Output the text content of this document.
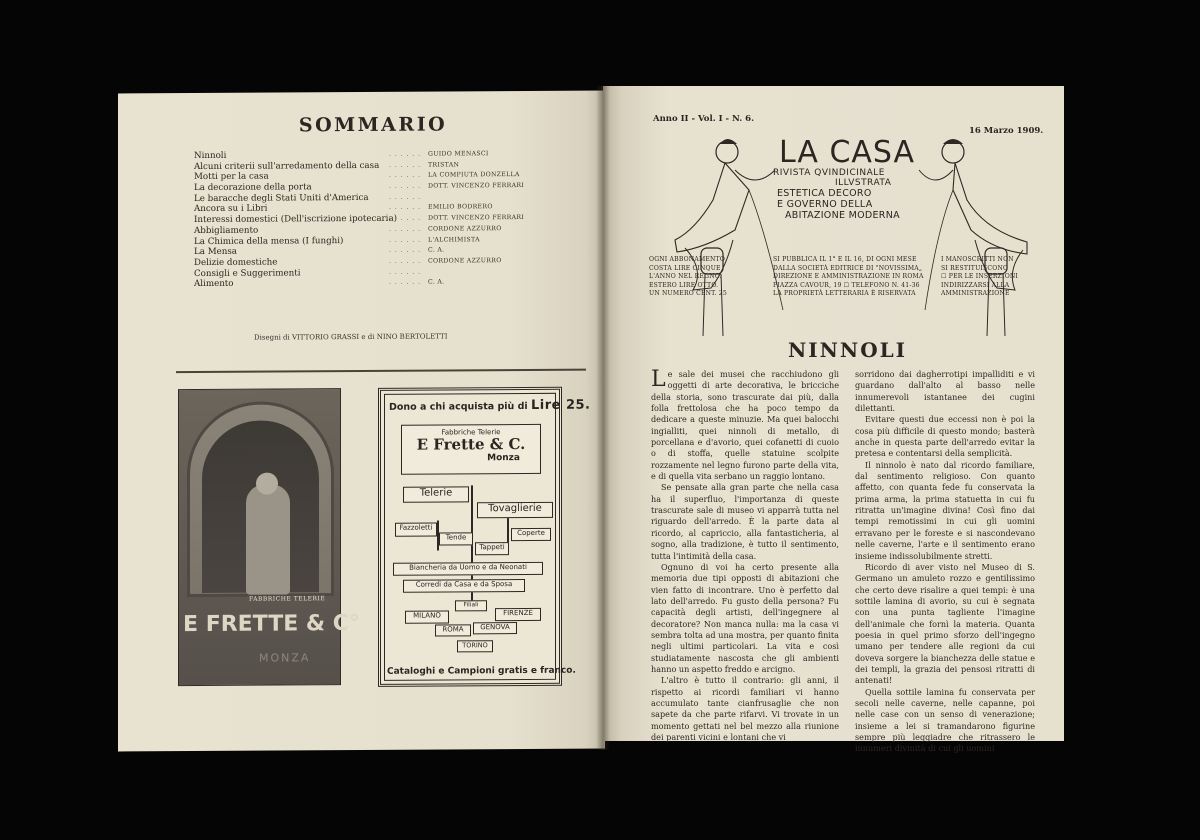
SOMMARIO
Ninnoli	. . . . . . GUIDO MENASCI
Alcuni criterii sull'arredamento della casa . . . . . . TRISTAN
Motti per la casa	. . . . . . LA COMPIUTA DONZELLA
La decorazione della porta	. . . . . . DOTT. VINCENZO FERRARI
Le baracche degli Stati Uniti d'America	. . . . . .
Ancora su i Libri	. . . . . . EMILIO BODRERO
Interessi domestici (Dell'iscrizione ipotecaria)
. . . . . . DOTT. VINCENZO FERRARI
Abbigliamento	. . . . . . CORDONE AZZURRO
La Chimica della mensa (I funghi)	. . . . . . L'ALCHIMISTA
La Mensa	. . . . . . C. A.
Delizie domestiche	. . . . . . CORDONE AZZURRO
Consigli e Suggerimenti	. . . . . .
Alimento	. . . . . . C. A.
Disegni di VITTORIO GRASSI e di NINO BERTOLETTI
FABBRICHE TELERIE
E FRETTE & C°
MONZA
Dono a chi acquista più di Lire 25.
Fabbriche Telerie
E Frette & C.
Monza
Telerie
Tovaglierie
Fazzoletti
Tende
Tappeti
Coperte
Biancheria da Uomo e da Neonati
Corredi da Casa e da Sposa
Filiali
MILANO	FIRENZE
ROMA	GENOVA
TORINO
Cataloghi e Campioni gratis e franco.
Anno II - Vol. I - N. 6.
16 Marzo 1909.
LA CASA
RIVISTA QVINDICINALE
ILLVSTRATA
ESTETICA DECORO
E GOVERNO DELLA
ABITAZIONE MODERNA
OGNI ABBONAMENTO
COSTA LIRE CINQUE
L'ANNO NEL REGNO.
ESTERO LIRE OTTO.
UN NUMERO CENT. 25
SI PUBBLICA IL 1° E IL 16, DI OGNI MESE
DALLA SOCIETÀ EDITRICE DI "NOVISSIMA„
DIREZIONE E AMMINISTRAZIONE IN ROMA
PIAZZA CAVOUR, 19 ☐ TELEFONO N. 41-36
LA PROPRIETÀ LETTERARIA È RISERVATA
I MANOSCRITTI NON
SI RESTITUISCONO
☐ PER LE INSERZIONI
INDIRIZZARSI ALLA
AMMINISTRAZIONE
NINNOLI

Le sale dei musei che racchiudono gli oggetti di arte decorativa, le bricciche della storia, sono trascurate dai più, dalla folla frettolosa che ha poco tempo da dedicare a queste minuzie. Ma quei balocchi ingialliti, quei ninnoli di metallo, di porcellana e d'avorio, quei cofanetti di cuoio o di stoffa, quelle statuine scolpite rozzamente nel legno furono parte della vita, e di quella vita serbano un raggio lontano.

Se pensate alla gran parte che nella casa ha il superfluo, l'importanza di queste trascurate sale di museo vi apparrà tutta nel riguardo dell'arredo. È la parte data al ricordo, al capriccio, alla fantasticheria, al sogno, alla tradizione, è tutto il sentimento, tutta l'intimità della casa.

Ognuno di voi ha certo presente alla memoria due tipi opposti di abitazioni che vien fatto di incontrare. Uno è perfetto dal lato dell'arredo. Fu gusto della persona? Fu capacità degli artisti, dell'ingegnere al decoratore? Non manca nulla: ma la casa vi sembra tolta ad una mostra, per quanto finita negli ultimi particolari. La vita e così studiatamente nascosta che gli ambienti hanno un aspetto freddo e arcigno.

L'altro è tutto il contrario: gli anni, il rispetto ai ricordi familiari vi hanno accumulato tante cianfrusaglie che non sapete da che parte rifarvi. Vi trovate in un momento gettati nel bel mezzo alla riunione dei parenti vicini e lontani che vi

sorridono dai dagherrotipi impalliditi e vi guardano dall'alto al basso nelle innumerevoli istantanee dei cugini dilettanti.

Evitare questi due eccessi non è poi la cosa più difficile di questo mondo; basterà anche in questa parte dell'arredo evitar la pretesa e contentarsi della semplicità.

Il ninnolo è nato dal ricordo familiare, dal sentimento religioso. Con quanto affetto, con quanta fede fu conservata la prima arma, la prima statuetta in cui fu ritratta un'imagine divina! Così fino dai tempi remotissimi in cui gli uomini erravano per le foreste e si nascondevano nelle caverne, l'arte e il sentimento erano insieme indissolubilmente stretti.

Ricordo di aver visto nel Museo di S. Germano un amuleto rozzo e gentilissimo che certo deve risalire a quei tempi: è una sottile lamina di avorio, su cui è segnata con una punta tagliente l'imagine dell'animale che fornì la materia. Quanta poesia in quel primo sforzo dell'ingegno umano per tendere alle regioni da cui doveva sorgere la bianchezza delle statue e dei templi, la grazia dei pensosi ritratti di antenati!

Quella sottile lamina fu conservata per secoli nelle caverne, nelle capanne, poi nelle case con un senso di venerazione; insieme a lei si tramandarono figurine sempre più leggiadre che ritrassero le innumeri divinità di cui gli uomini
